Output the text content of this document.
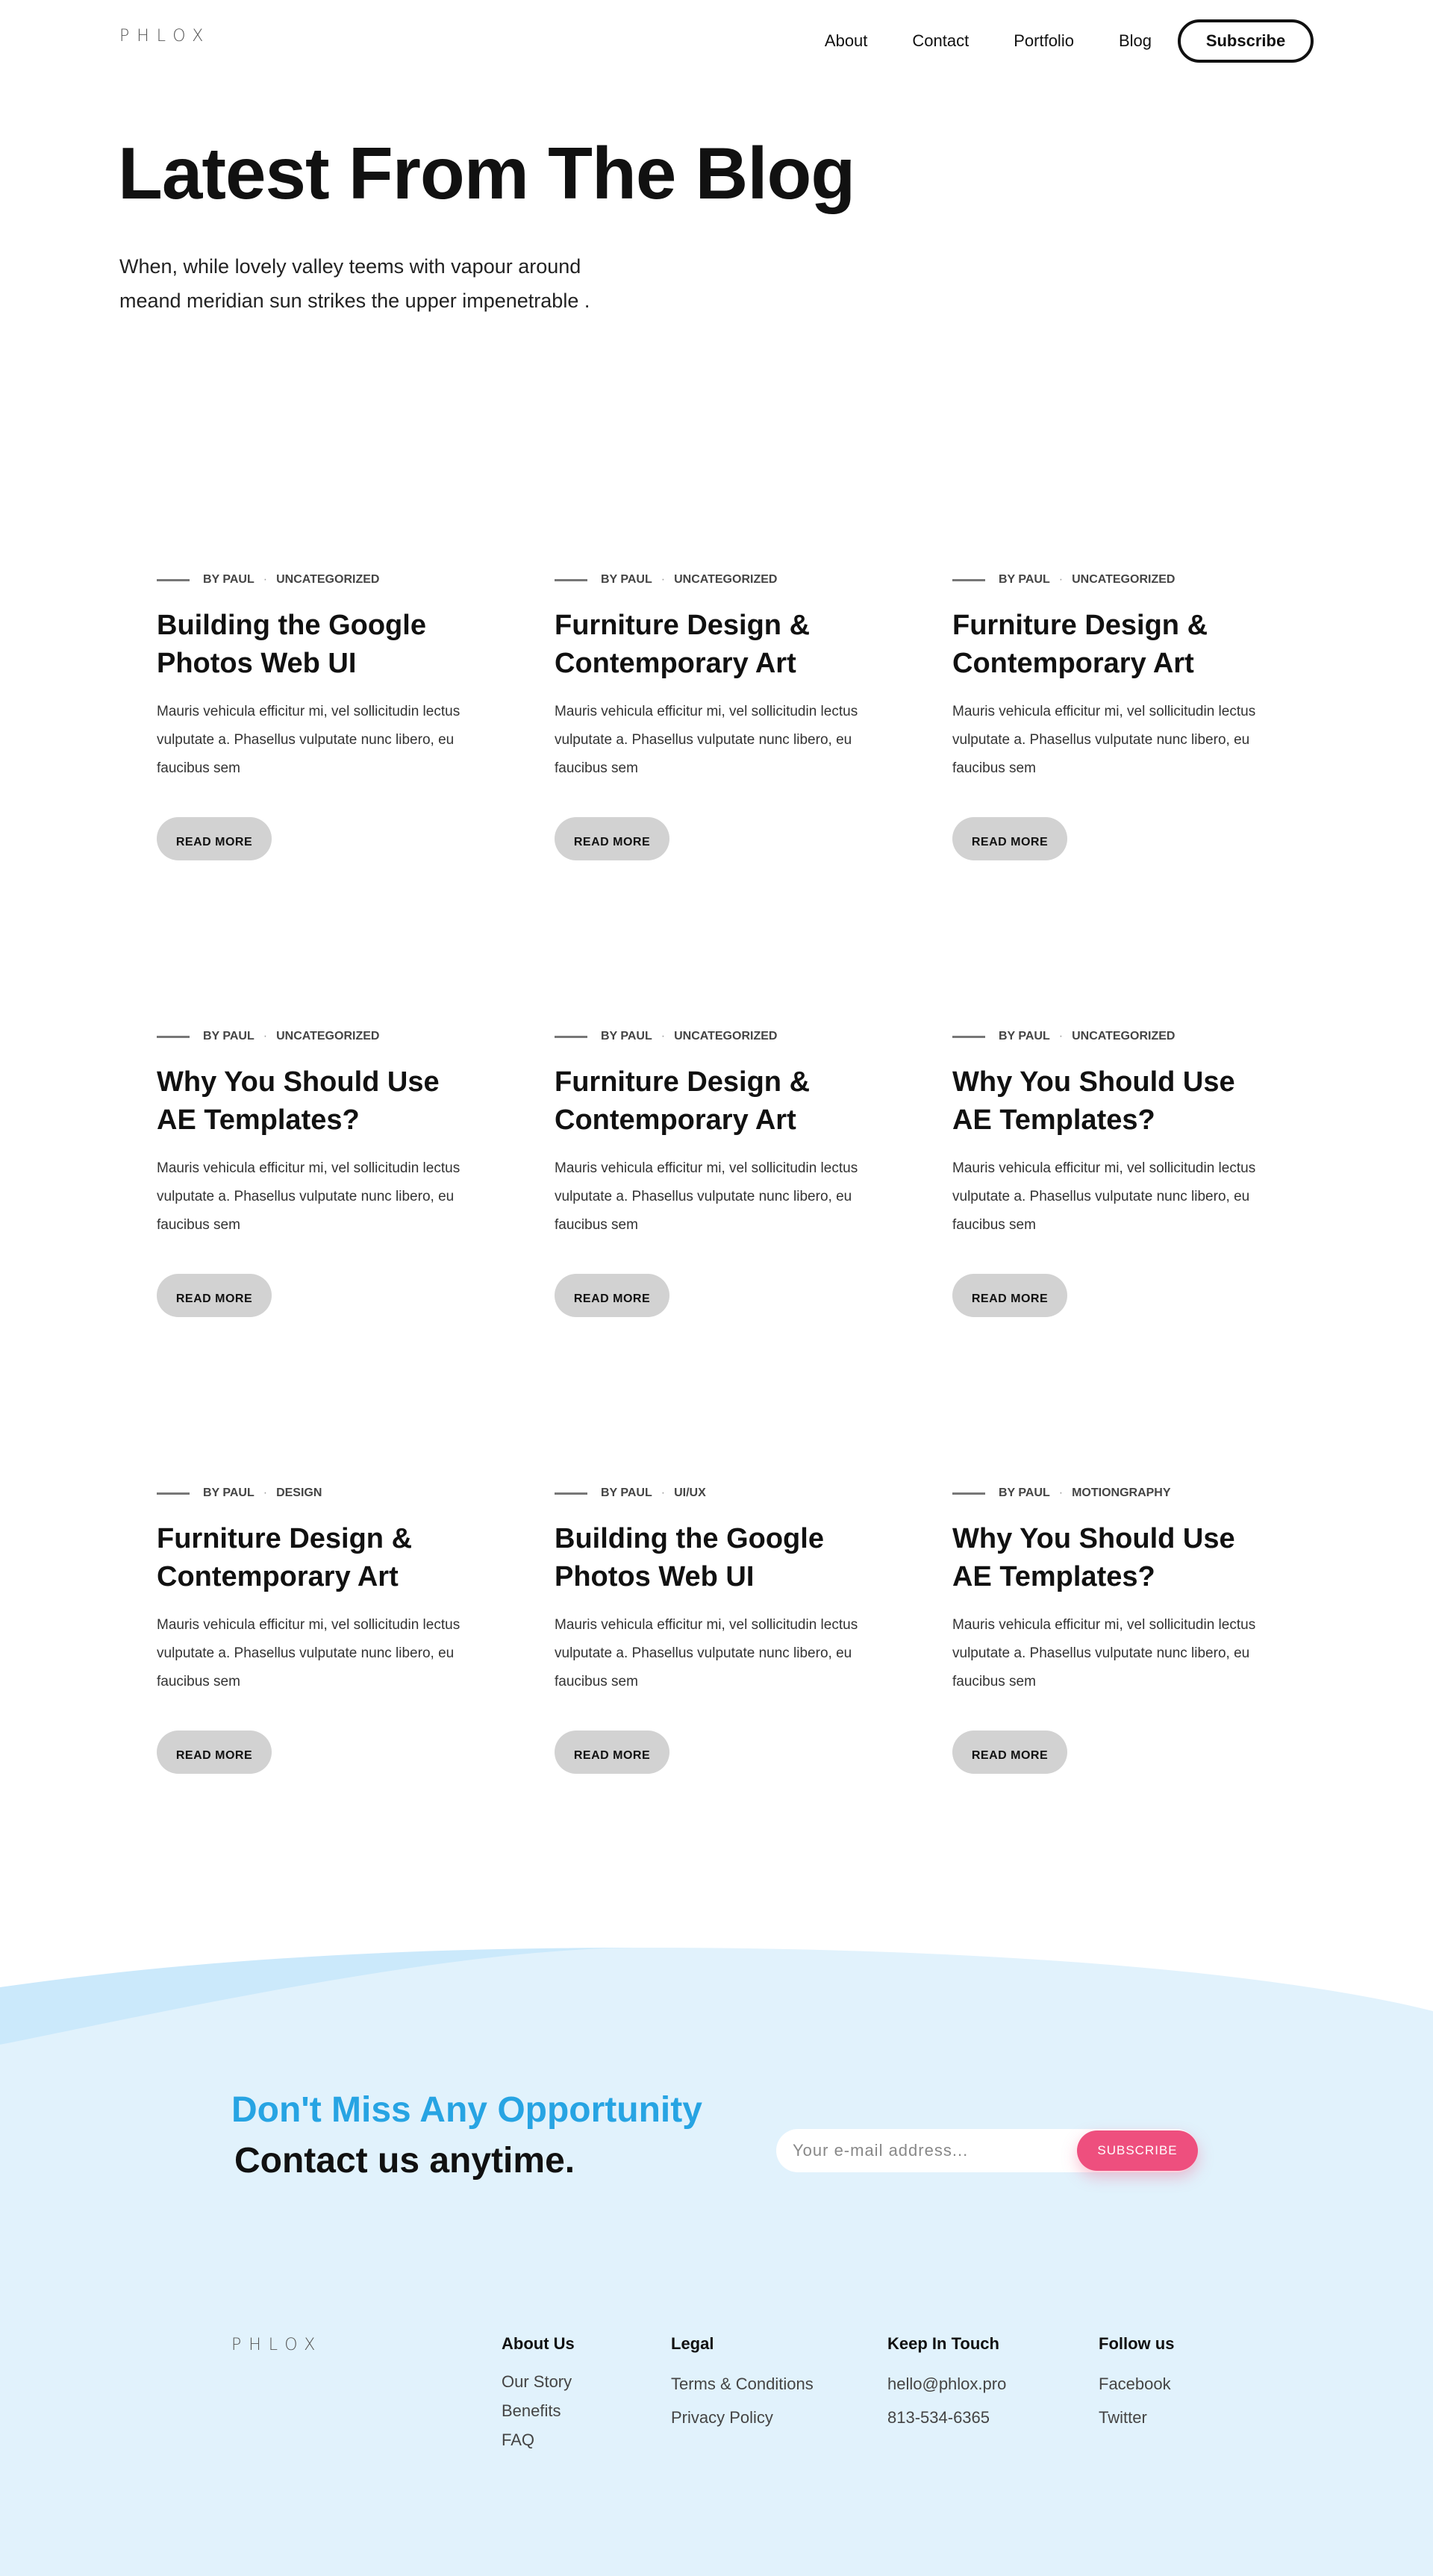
PHLOX	About	Contact	Portfolio	Blog	Subscribe
Latest From The Blog

When, while lovely valley teems with vapour around meand meridian sun strikes the upper impenetrable .

BY PAUL · UNCATEGORIZED
Building the Google Photos Web UI

Mauris vehicula efficitur mi, vel sollicitudin lectus vulputate a. Phasellus vulputate nunc libero, eu faucibus sem

READ MORE
BY PAUL · UNCATEGORIZED
Furniture Design & Contemporary Art

Mauris vehicula efficitur mi, vel sollicitudin lectus vulputate a. Phasellus vulputate nunc libero, eu faucibus sem

READ MORE
BY PAUL · UNCATEGORIZED
Furniture Design & Contemporary Art

Mauris vehicula efficitur mi, vel sollicitudin lectus vulputate a. Phasellus vulputate nunc libero, eu faucibus sem

READ MORE
BY PAUL · UNCATEGORIZED
Why You Should Use AE Templates?

Mauris vehicula efficitur mi, vel sollicitudin lectus vulputate a. Phasellus vulputate nunc libero, eu faucibus sem

READ MORE
BY PAUL · UNCATEGORIZED
Furniture Design & Contemporary Art

Mauris vehicula efficitur mi, vel sollicitudin lectus vulputate a. Phasellus vulputate nunc libero, eu faucibus sem

READ MORE
BY PAUL · UNCATEGORIZED
Why You Should Use AE Templates?

Mauris vehicula efficitur mi, vel sollicitudin lectus vulputate a. Phasellus vulputate nunc libero, eu faucibus sem

READ MORE
BY PAUL · DESIGN
Furniture Design & Contemporary Art

Mauris vehicula efficitur mi, vel sollicitudin lectus vulputate a. Phasellus vulputate nunc libero, eu faucibus sem

READ MORE
BY PAUL · UI/UX
Building the Google Photos Web UI

Mauris vehicula efficitur mi, vel sollicitudin lectus vulputate a. Phasellus vulputate nunc libero, eu faucibus sem

READ MORE
BY PAUL · MOTIONGRAPHY
Why You Should Use AE Templates?

Mauris vehicula efficitur mi, vel sollicitudin lectus vulputate a. Phasellus vulputate nunc libero, eu faucibus sem

READ MORE
Don't Miss Any Opportunity
Contact us anytime.
Your e-mail address...	SUBSCRIBE
PHLOX	About Us
Our Story
Benefits
FAQ
Legal
Terms & Conditions
Privacy Policy
Keep In Touch
hello@phlox.pro
813-534-6365
Follow us
Facebook
Twitter
